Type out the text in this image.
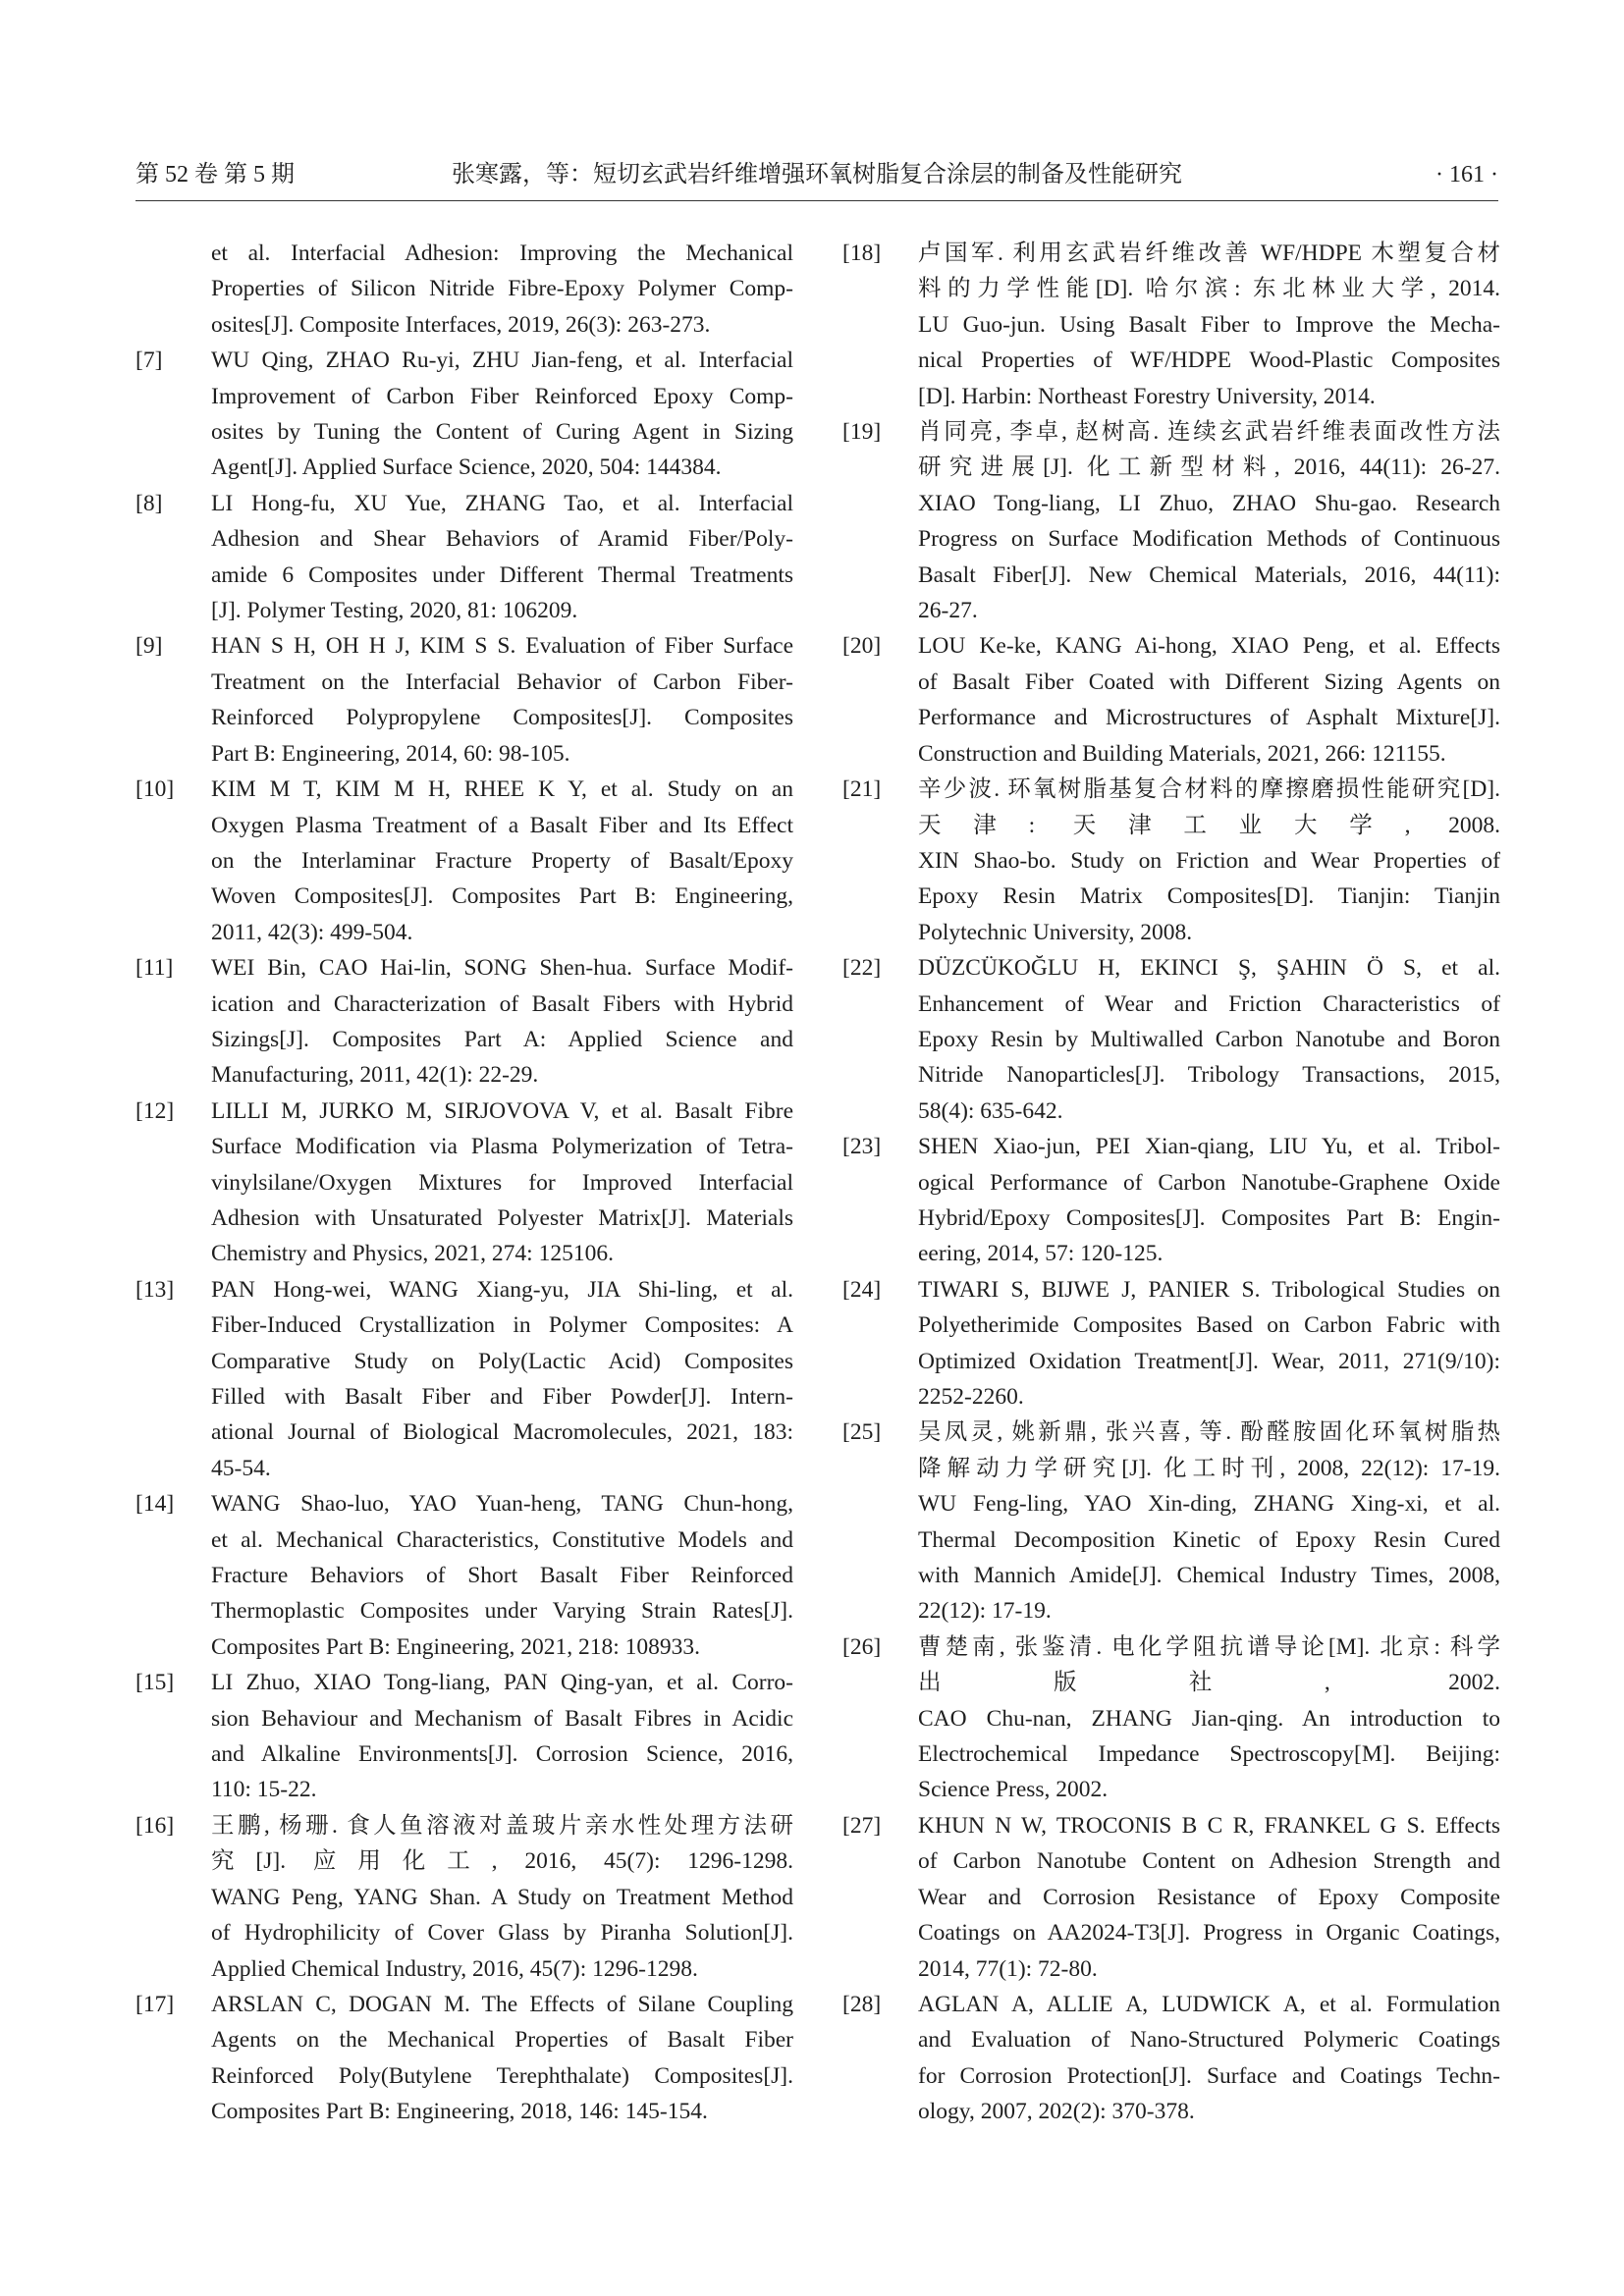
第 52 卷 第 5 期	张寒露，等：短切玄武岩纤维增强环氧树脂复合涂层的制备及性能研究	· 161 ·
et al. Interfacial Adhesion: Improving the Mechanical
Properties of Silicon Nitride Fibre-Epoxy Polymer Comp-
osites[J]. Composite Interfaces, 2019, 26(3): 263-273.
[7] WU Qing, ZHAO Ru-yi, ZHU Jian-feng, et al. Interfacial
Improvement of Carbon Fiber Reinforced Epoxy Comp-
osites by Tuning the Content of Curing Agent in Sizing
Agent[J]. Applied Surface Science, 2020, 504: 144384.
[8] LI Hong-fu, XU Yue, ZHANG Tao, et al. Interfacial
Adhesion and Shear Behaviors of Aramid Fiber/Poly-
amide 6 Composites under Different Thermal Treatments
[J]. Polymer Testing, 2020, 81: 106209.
[9] HAN S H, OH H J, KIM S S. Evaluation of Fiber Surface
Treatment on the Interfacial Behavior of Carbon Fiber-
Reinforced Polypropylene Composites[J]. Composites
Part B: Engineering, 2014, 60: 98-105.
[10] KIM M T, KIM M H, RHEE K Y, et al. Study on an
Oxygen Plasma Treatment of a Basalt Fiber and Its Effect
on the Interlaminar Fracture Property of Basalt/Epoxy
Woven Composites[J]. Composites Part B: Engineering,
2011, 42(3): 499-504.
[11] WEI Bin, CAO Hai-lin, SONG Shen-hua. Surface Modif-
ication and Characterization of Basalt Fibers with Hybrid
Sizings[J]. Composites Part A: Applied Science and
Manufacturing, 2011, 42(1): 22-29.
[12] LILLI M, JURKO M, SIRJOVOVA V, et al. Basalt Fibre
Surface Modification via Plasma Polymerization of Tetra-
vinylsilane/Oxygen Mixtures for Improved Interfacial
Adhesion with Unsaturated Polyester Matrix[J]. Materials
Chemistry and Physics, 2021, 274: 125106.
[13] PAN Hong-wei, WANG Xiang-yu, JIA Shi-ling, et al.
Fiber-Induced Crystallization in Polymer Composites: A
Comparative Study on Poly(Lactic Acid) Composites
Filled with Basalt Fiber and Fiber Powder[J]. Intern-
ational Journal of Biological Macromolecules, 2021, 183:
45-54.
[14] WANG Shao-luo, YAO Yuan-heng, TANG Chun-hong,
et al. Mechanical Characteristics, Constitutive Models and
Fracture Behaviors of Short Basalt Fiber Reinforced
Thermoplastic Composites under Varying Strain Rates[J].
Composites Part B: Engineering, 2021, 218: 108933.
[15] LI Zhuo, XIAO Tong-liang, PAN Qing-yan, et al. Corro-
sion Behaviour and Mechanism of Basalt Fibres in Acidic
and Alkaline Environments[J]. Corrosion Science, 2016,
110: 15-22.
[16] 王鹏, 杨珊. 食人鱼溶液对盖玻片亲水性处理方法研
究[J]. 应用化工, 2016, 45(7): 1296-1298.
WANG Peng, YANG Shan. A Study on Treatment Method
of Hydrophilicity of Cover Glass by Piranha Solution[J].
Applied Chemical Industry, 2016, 45(7): 1296-1298.
[17] ARSLAN C, DOGAN M. The Effects of Silane Coupling
Agents on the Mechanical Properties of Basalt Fiber
Reinforced Poly(Butylene Terephthalate) Composites[J].
Composites Part B: Engineering, 2018, 146: 145-154.
[18] 卢国军. 利用玄武岩纤维改善 WF/HDPE 木塑复合材
料的力学性能[D]. 哈尔滨: 东北林业大学, 2014.
LU Guo-jun. Using Basalt Fiber to Improve the Mecha-
nical Properties of WF/HDPE Wood-Plastic Composites
[D]. Harbin: Northeast Forestry University, 2014.
[19] 肖同亮, 李卓, 赵树高. 连续玄武岩纤维表面改性方法
研究进展[J]. 化工新型材料, 2016, 44(11): 26-27.
XIAO Tong-liang, LI Zhuo, ZHAO Shu-gao. Research
Progress on Surface Modification Methods of Continuous
Basalt Fiber[J]. New Chemical Materials, 2016, 44(11):
26-27.
[20] LOU Ke-ke, KANG Ai-hong, XIAO Peng, et al. Effects
of Basalt Fiber Coated with Different Sizing Agents on
Performance and Microstructures of Asphalt Mixture[J].
Construction and Building Materials, 2021, 266: 121155.
[21] 辛少波. 环氧树脂基复合材料的摩擦磨损性能研究[D].
天津: 天津工业大学, 2008.
XIN Shao-bo. Study on Friction and Wear Properties of
Epoxy Resin Matrix Composites[D]. Tianjin: Tianjin
Polytechnic University, 2008.
[22] DÜZCÜKOĞLU H, EKINCI Ş, ŞAHIN Ö S, et al.
Enhancement of Wear and Friction Characteristics of
Epoxy Resin by Multiwalled Carbon Nanotube and Boron
Nitride Nanoparticles[J]. Tribology Transactions, 2015,
58(4): 635-642.
[23] SHEN Xiao-jun, PEI Xian-qiang, LIU Yu, et al. Tribol-
ogical Performance of Carbon Nanotube-Graphene Oxide
Hybrid/Epoxy Composites[J]. Composites Part B: Engin-
eering, 2014, 57: 120-125.
[24] TIWARI S, BIJWE J, PANIER S. Tribological Studies on
Polyetherimide Composites Based on Carbon Fabric with
Optimized Oxidation Treatment[J]. Wear, 2011, 271(9/10):
2252-2260.
[25] 吴凤灵, 姚新鼎, 张兴喜, 等. 酚醛胺固化环氧树脂热
降解动力学研究[J]. 化工时刊, 2008, 22(12): 17-19.
WU Feng-ling, YAO Xin-ding, ZHANG Xing-xi, et al.
Thermal Decomposition Kinetic of Epoxy Resin Cured
with Mannich Amide[J]. Chemical Industry Times, 2008,
22(12): 17-19.
[26] 曹楚南, 张鉴清. 电化学阻抗谱导论[M]. 北京: 科学
出版社, 2002.
CAO Chu-nan, ZHANG Jian-qing. An introduction to
Electrochemical Impedance Spectroscopy[M]. Beijing:
Science Press, 2002.
[27] KHUN N W, TROCONIS B C R, FRANKEL G S. Effects
of Carbon Nanotube Content on Adhesion Strength and
Wear and Corrosion Resistance of Epoxy Composite
Coatings on AA2024-T3[J]. Progress in Organic Coatings,
2014, 77(1): 72-80.
[28] AGLAN A, ALLIE A, LUDWICK A, et al. Formulation
and Evaluation of Nano-Structured Polymeric Coatings
for Corrosion Protection[J]. Surface and Coatings Techn-
ology, 2007, 202(2): 370-378.
